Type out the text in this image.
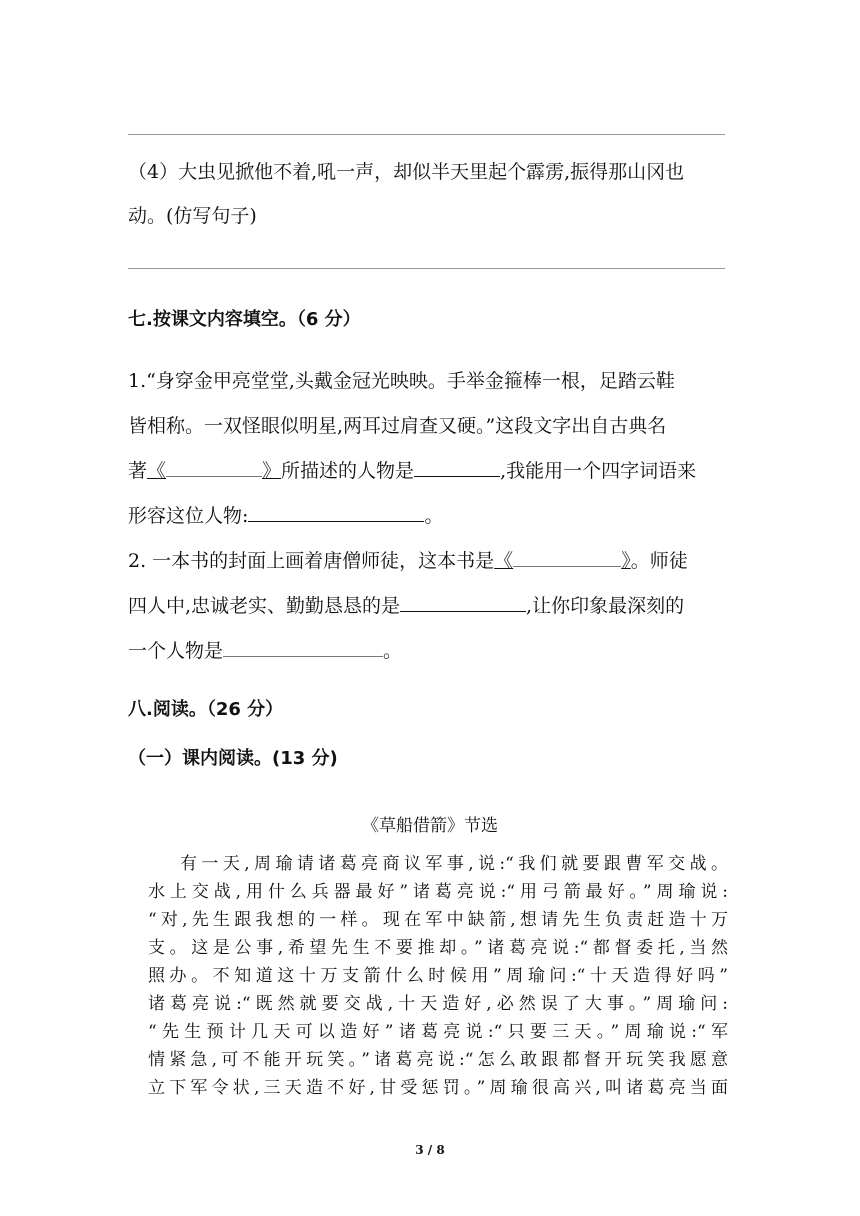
（4）大虫见掀他不着,吼一声，却似半天里起个霹雳,振得那山冈也
动。(仿写句子)
七.按课文内容填空。（6 分）
1.“身穿金甲亮堂堂,头戴金冠光映映。手举金箍棒一根，足踏云鞋
皆相称。一双怪眼似明星,两耳过肩查又硬。”这段文字出自古典名
著《	》所描述的人物是	,我能用一个四字词语来
形容这位人物:	。
2. 一本书的封面上画着唐僧师徒，这本书是《	》。师徒
四人中,忠诚老实、勤勤恳恳的是	,让你印象最深刻的
一个人物是	。
八.阅读。（26 分）
（一）课内阅读。(13 分)
《草船借箭》节选
有一天,周瑜请诸葛亮商议军事,说:“我们就要跟曹军交战。
水上交战,用什么兵器最好”诸葛亮说:“用弓箭最好。”周瑜说:
“对,先生跟我想的一样。现在军中缺箭,想请先生负责赶造十万
支。这是公事,希望先生不要推却。”诸葛亮说:“都督委托,当然
照办。不知道这十万支箭什么时候用”周瑜问:“十天造得好吗”
诸葛亮说:“既然就要交战,十天造好,必然误了大事。”周瑜问:
“先生预计几天可以造好”诸葛亮说:“只要三天。”周瑜说:“军
情紧急,可不能开玩笑。”诸葛亮说:“怎么敢跟都督开玩笑我愿意
立下军令状,三天造不好,甘受惩罚。”周瑜很高兴,叫诸葛亮当面
3 / 8
